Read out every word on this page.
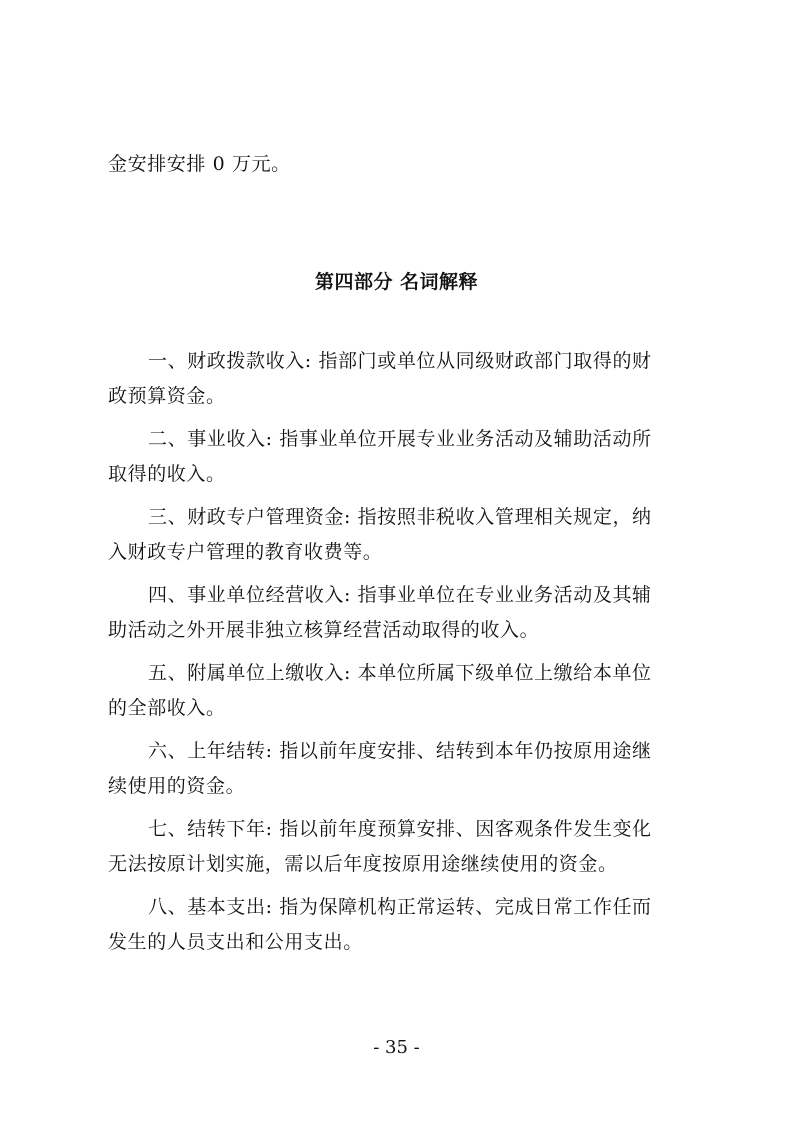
金安排安排 0 万元。
第四部分 名词解释
一、财政拨款收入: 指部门或单位从同级财政部门取得的财
政预算资金。
二、事业收入: 指事业单位开展专业业务活动及辅助活动所
取得的收入。
三、财政专户管理资金: 指按照非税收入管理相关规定，纳
入财政专户管理的教育收费等。
四、事业单位经营收入: 指事业单位在专业业务活动及其辅
助活动之外开展非独立核算经营活动取得的收入。
五、附属单位上缴收入: 本单位所属下级单位上缴给本单位
的全部收入。
六、上年结转: 指以前年度安排、结转到本年仍按原用途继
续使用的资金。
七、结转下年: 指以前年度预算安排、因客观条件发生变化
无法按原计划实施，需以后年度按原用途继续使用的资金。
八、基本支出: 指为保障机构正常运转、完成日常工作任而
发生的人员支出和公用支出。
- 35 -
